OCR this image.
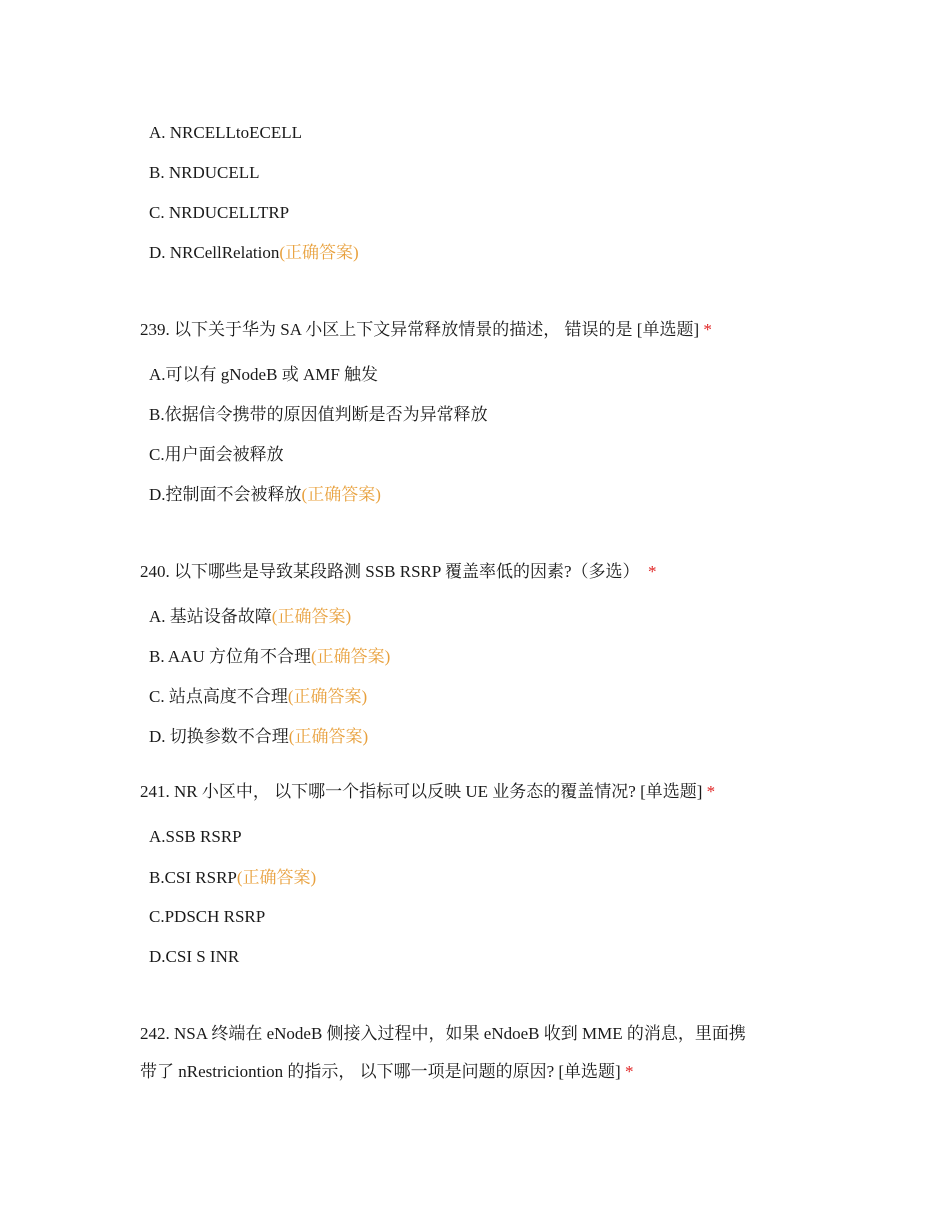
A. NRCELLtoECELL
B. NRDUCELL
C. NRDUCELLTRP
D. NRCellRelation(正确答案)
239. 以下关于华为 SA 小区上下文异常释放情景的描述， 错误的是 [单选题] *
A.可以有 gNodeB 或 AMF 触发
B.依据信令携带的原因值判断是否为异常释放
C.用户面会被释放
D.控制面不会被释放(正确答案)
240. 以下哪些是导致某段路测 SSB RSRP 覆盖率低的因素?（多选） *
A. 基站设备故障(正确答案)
B. AAU 方位角不合理(正确答案)
C. 站点高度不合理(正确答案)
D. 切换参数不合理(正确答案)
241. NR 小区中， 以下哪一个指标可以反映 UE 业务态的覆盖情况? [单选题] *
A.SSB RSRP
B.CSI RSRP(正确答案)
C.PDSCH RSRP
D.CSI S INR
242. NSA 终端在 eNodeB 侧接入过程中，如果 eNdoeB 收到 MME 的消息，里面携
带了 nRestriciontion 的指示， 以下哪一项是问题的原因? [单选题] *
